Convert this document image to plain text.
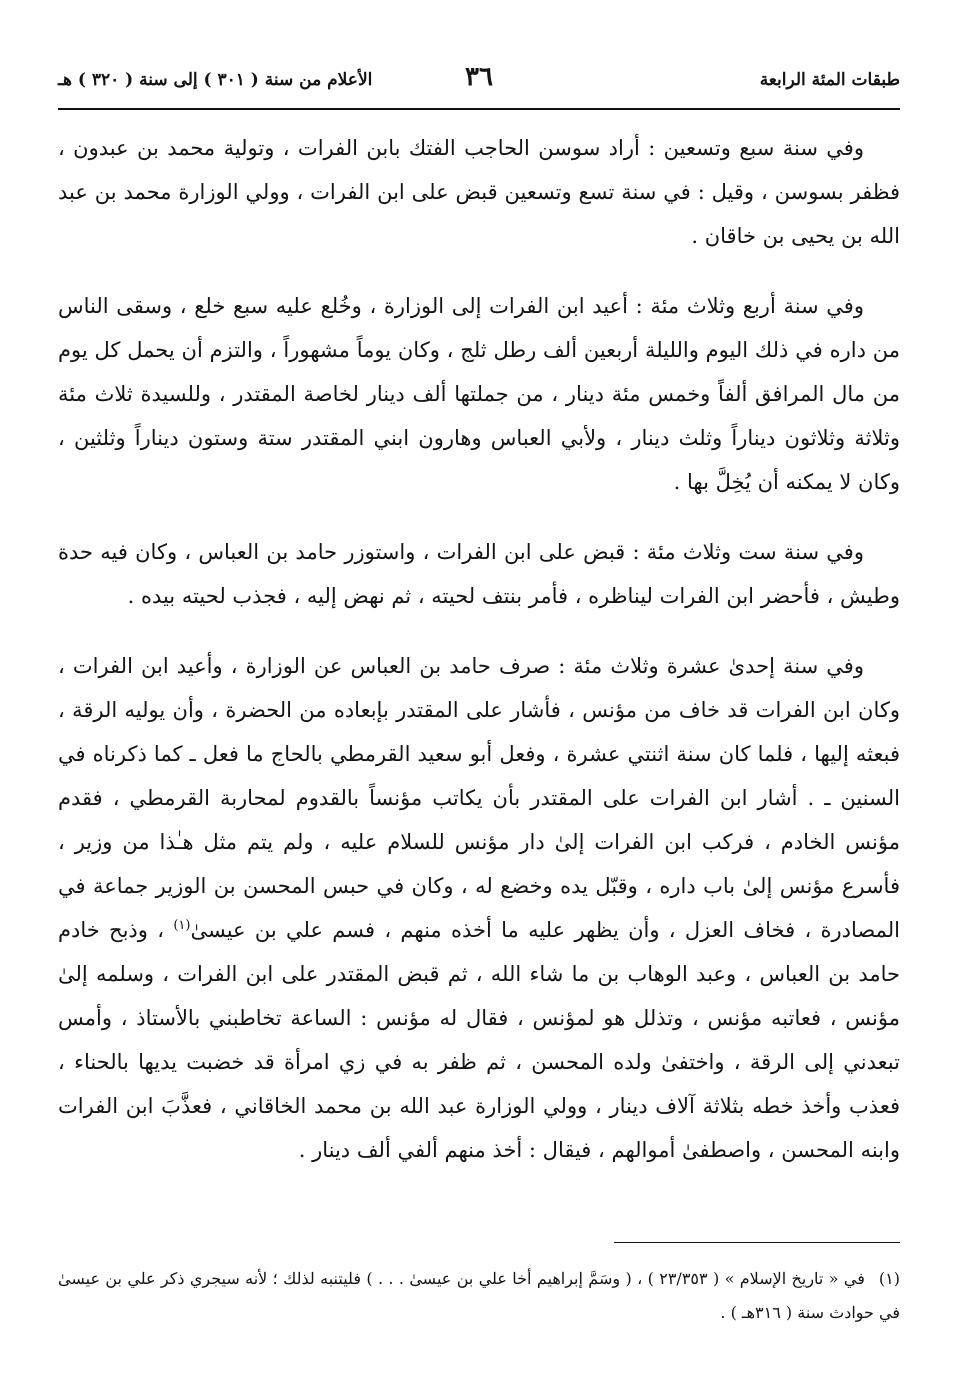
طبقات المئة الرابعة
٣٦
الأعلام من سنة ( ٣٠١ ) إلى سنة ( ٣٢٠ ) هـ

وفي سنة سبع وتسعين : أراد سوسن الحاجب الفتك بابن الفرات ، وتولية محمد بن عبدون ، فظفر بسوسن ، وقيل : في سنة تسع وتسعين قبض على ابن الفرات ، وولي الوزارة محمد بن عبد الله بن يحيى بن خاقان .

وفي سنة أربع وثلاث مئة : أعيد ابن الفرات إلى الوزارة ، وخُلع عليه سبع خلع ، وسقى الناس من داره في ذلك اليوم والليلة أربعين ألف رطل ثلج ، وكان يوماً مشهوراً ، والتزم أن يحمل كل يوم من مال المرافق ألفاً وخمس مئة دينار ، من جملتها ألف دينار لخاصة المقتدر ، وللسيدة ثلاث مئة وثلاثة وثلاثون ديناراً وثلث دينار ، ولأبي العباس وهارون ابني المقتدر ستة وستون ديناراً وثلثين ، وكان لا يمكنه أن يُخِلَّ بها .

وفي سنة ست وثلاث مئة : قبض على ابن الفرات ، واستوزر حامد بن العباس ، وكان فيه حدة وطيش ، فأحضر ابن الفرات ليناظره ، فأمر بنتف لحيته ، ثم نهض إليه ، فجذب لحيته بيده .

وفي سنة إحدىٰ عشرة وثلاث مئة : صرف حامد بن العباس عن الوزارة ، وأعيد ابن الفرات ، وكان ابن الفرات قد خاف من مؤنس ، فأشار على المقتدر بإبعاده من الحضرة ، وأن يوليه الرقة ، فبعثه إليها ، فلما كان سنة اثنتي عشرة ، وفعل أبو سعيد القرمطي بالحاج ما فعل ـ كما ذكرناه في السنين ـ . أشار ابن الفرات على المقتدر بأن يكاتب مؤنساً بالقدوم لمحاربة القرمطي ، فقدم مؤنس الخادم ، فركب ابن الفرات إلىٰ دار مؤنس للسلام عليه ، ولم يتم مثل هـٰذا من وزير ، فأسرع مؤنس إلىٰ باب داره ، وقبّل يده وخضع له ، وكان في حبس المحسن بن الوزير جماعة في المصادرة ، فخاف العزل ، وأن يظهر عليه ما أخذه منهم ، فسم علي بن عيسىٰ$^{(١)}$ ، وذبح خادم حامد بن العباس ، وعبد الوهاب بن ما شاء الله ، ثم قبض المقتدر على ابن الفرات ، وسلمه إلىٰ مؤنس ، فعاتبه مؤنس ، وتذلل هو لمؤنس ، فقال له مؤنس : الساعة تخاطبني بالأستاذ ، وأمس تبعدني إلى الرقة ، واختفىٰ ولده المحسن ، ثم ظفر به في زي امرأة قد خضبت يديها بالحناء ، فعذب وأخذ خطه بثلاثة آلاف دينار ، وولي الوزارة عبد الله بن محمد الخاقاني ، فعذَّبَ ابن الفرات وابنه المحسن ، واصطفىٰ أموالهم ، فيقال : أخذ منهم ألفي ألف دينار .

(١)في « تاريخ الإسلام » ( ٢٣/٣٥٣ ) ، ( وسَمَّ إبراهيم أخا علي بن عيسىٰ . . . ) فليتنبه لذلك ؛ لأنه سيجري ذكر علي بن عيسىٰ في حوادث سنة ( ٣١٦هـ ) .
